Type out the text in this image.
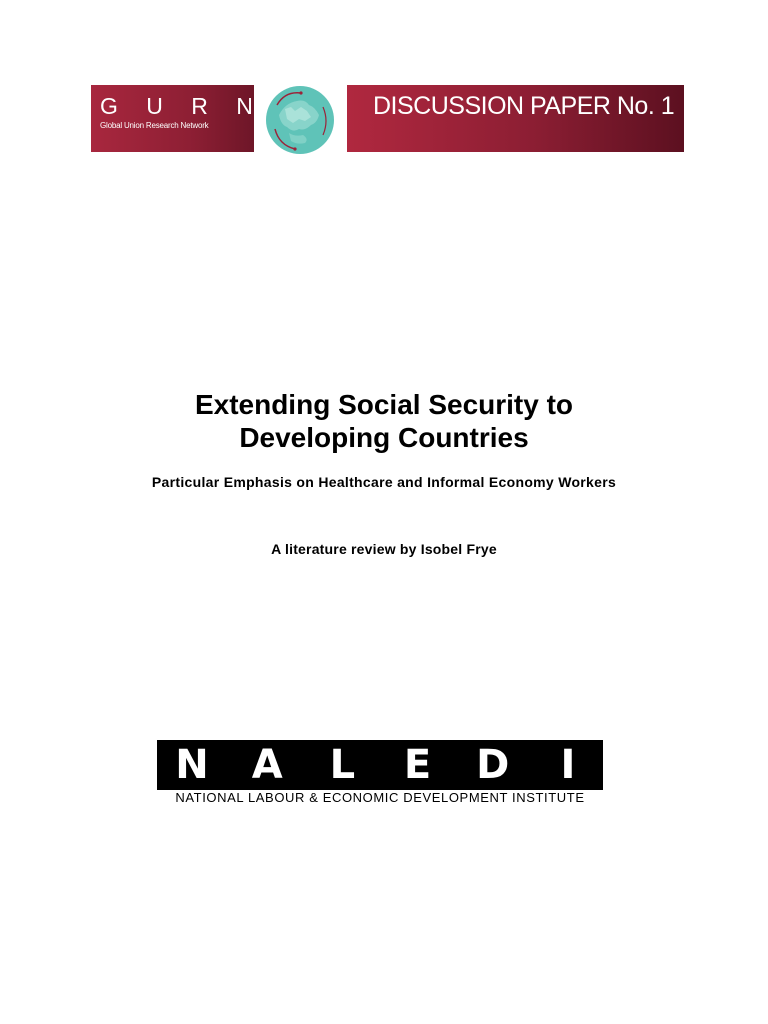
G U R N
Global Union Research Network
DISCUSSION PAPER No. 1
Extending Social Security to
Developing Countries
Particular Emphasis on Healthcare and Informal Economy Workers
A literature review by Isobel Frye
N A L E D	I
NATIONAL LABOUR & ECONOMIC DEVELOPMENT INSTITUTE
